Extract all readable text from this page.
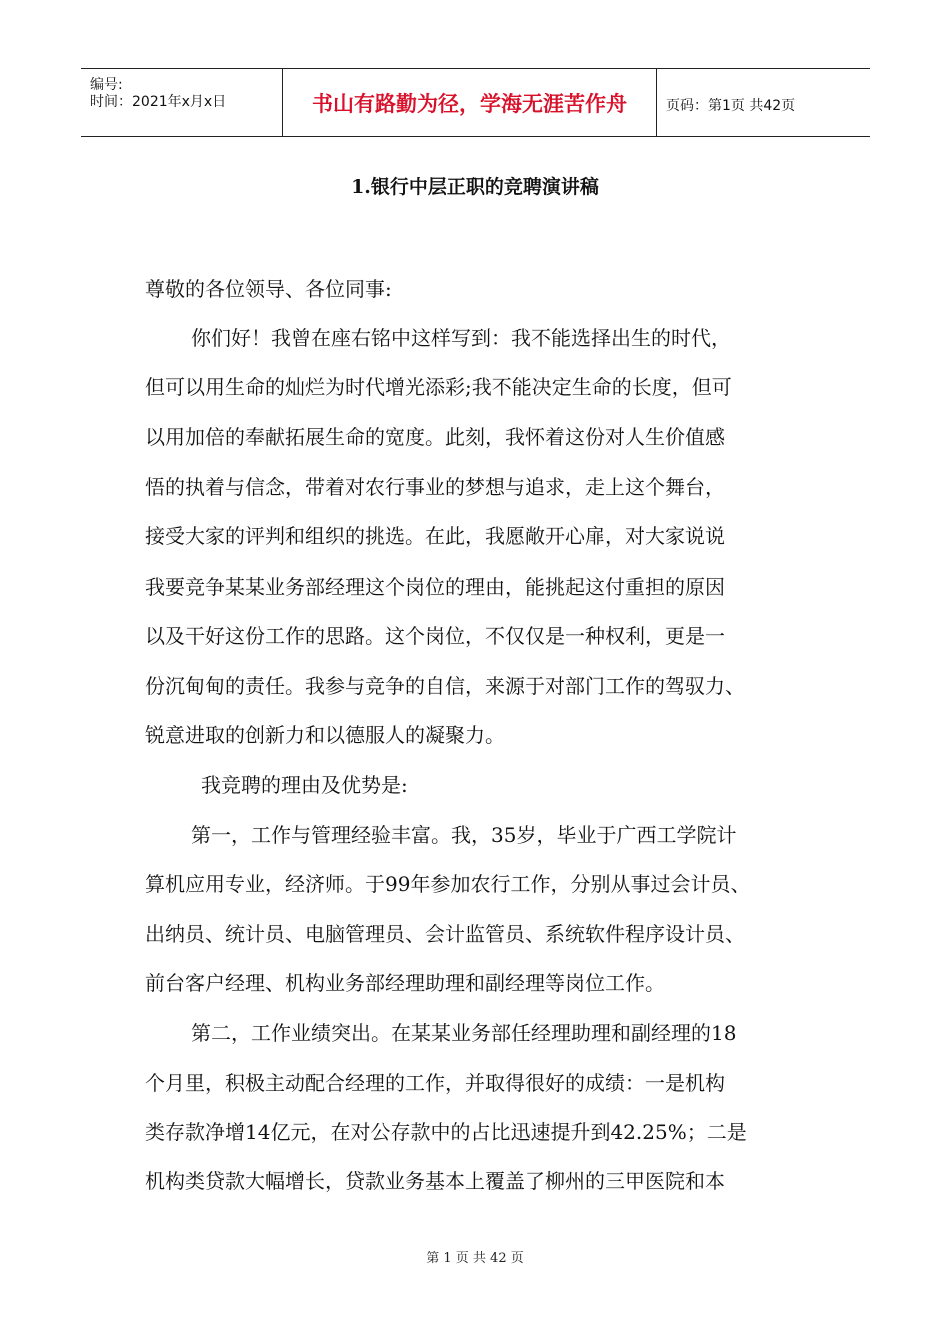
编号:
时间：2021年x月x日	书山有路勤为径，学海无涯苦作舟	页码：第1页 共42页
1.银行中层正职的竞聘演讲稿
尊敬的各位领导、各位同事:
你们好！我曾在座右铭中这样写到：我不能选择出生的时代，
但可以用生命的灿烂为时代增光添彩;我不能决定生命的长度，但可
以用加倍的奉献拓展生命的宽度。此刻，我怀着这份对人生价值感
悟的执着与信念，带着对农行事业的梦想与追求，走上这个舞台，
接受大家的评判和组织的挑选。在此，我愿敞开心扉，对大家说说
我要竞争某某业务部经理这个岗位的理由，能挑起这付重担的原因
以及干好这份工作的思路。这个岗位，不仅仅是一种权利，更是一
份沉甸甸的责任。我参与竞争的自信，来源于对部门工作的驾驭力、
锐意进取的创新力和以德服人的凝聚力。
我竞聘的理由及优势是:
第一，工作与管理经验丰富。我，35岁，毕业于广西工学院计
算机应用专业，经济师。于99年参加农行工作，分别从事过会计员、
出纳员、统计员、电脑管理员、会计监管员、系统软件程序设计员、
前台客户经理、机构业务部经理助理和副经理等岗位工作。
第二，工作业绩突出。在某某业务部任经理助理和副经理的18
个月里，积极主动配合经理的工作，并取得很好的成绩：一是机构
类存款净增14亿元，在对公存款中的占比迅速提升到42.25%；二是
机构类贷款大幅增长，贷款业务基本上覆盖了柳州的三甲医院和本
第 1 页 共 42 页
